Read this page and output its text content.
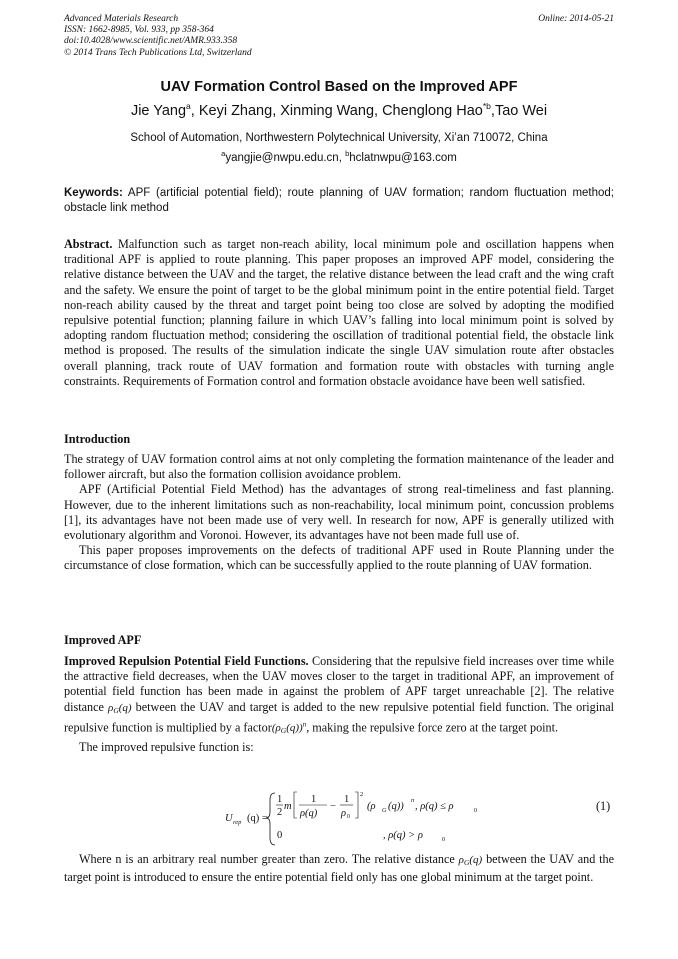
Advanced Materials Research
ISSN: 1662-8985, Vol. 933, pp 358-364
doi:10.4028/www.scientific.net/AMR.933.358
© 2014 Trans Tech Publications Ltd, Switzerland
Online: 2014-05-21
UAV Formation Control Based on the Improved APF
Jie Yang$^a$, Keyi Zhang, Xinming Wang, Chenglong Hao$^{*b}$,Tao Wei
School of Automation, Northwestern Polytechnical University, Xi’an 710072, China
$^a$yangjie@nwpu.edu.cn, $^b$hclatnwpu@163.com
Keywords: APF (artificial potential field); route planning of UAV formation; random fluctuation method; obstacle link method

Abstract. Malfunction such as target non-reach ability, local minimum pole and oscillation happens when traditional APF is applied to route planning. This paper proposes an improved APF model, considering the relative distance between the UAV and the target, the relative distance between the lead craft and the wing craft and the safety. We ensure the point of target to be the global minimum point in the entire potential field. Target non-reach ability caused by the threat and target point being too close are solved by adopting the modified repulsive potential function; planning failure in which UAV’s falling into local minimum point is solved by adopting random fluctuation method; considering the oscillation of traditional potential field, the obstacle link method is proposed. The results of the simulation indicate the single UAV simulation route after obstacles overall planning, track route of UAV formation and formation route with obstacles with turning angle constraints. Requirements of Formation control and formation obstacle avoidance have been well satisfied.

Introduction

The strategy of UAV formation control aims at not only completing the formation maintenance of the leader and follower aircraft, but also the formation collision avoidance problem.

APF (Artificial Potential Field Method) has the advantages of strong real-timeliness and fast planning. However, due to the inherent limitations such as non-reachability, local minimum point, concussion problems [1], its advantages have not been made use of very well. In research for now, APF is generally utilized with evolutionary algorithm and Voronoi. However, its advantages have not been made full use of.

This paper proposes improvements on the defects of traditional APF used in Route Planning under the circumstance of close formation, which can be successfully applied to the route planning of UAV formation.

Improved APF

Improved Repulsion Potential Field Functions. Considering that the repulsive field increases over time while the attractive field decreases, when the UAV moves closer to the target in traditional APF, an improvement of potential field function has been made in against the problem of APF target unreachable [2]. The relative distance $\rho_G(q)$ between the UAV and target is added to the new repulsive potential field function. The original repulsive function is multiplied by a $factor(\rho_G(q))^n$, making the repulsive force zero at the target point.

The improved repulsive function is:

U rep (q) =
1
2
m
1
ρ(q)
−
1
ρ 0
2
(ρ G (q))
n
, ρ(q) ≤ ρ	0
0	, ρ(q) > ρ	0
(1)

Where n is an arbitrary real number greater than zero. The relative distance $\rho_G(q)$ between the UAV and the target point is introduced to ensure the entire potential field only has one global minimum at the target point.
